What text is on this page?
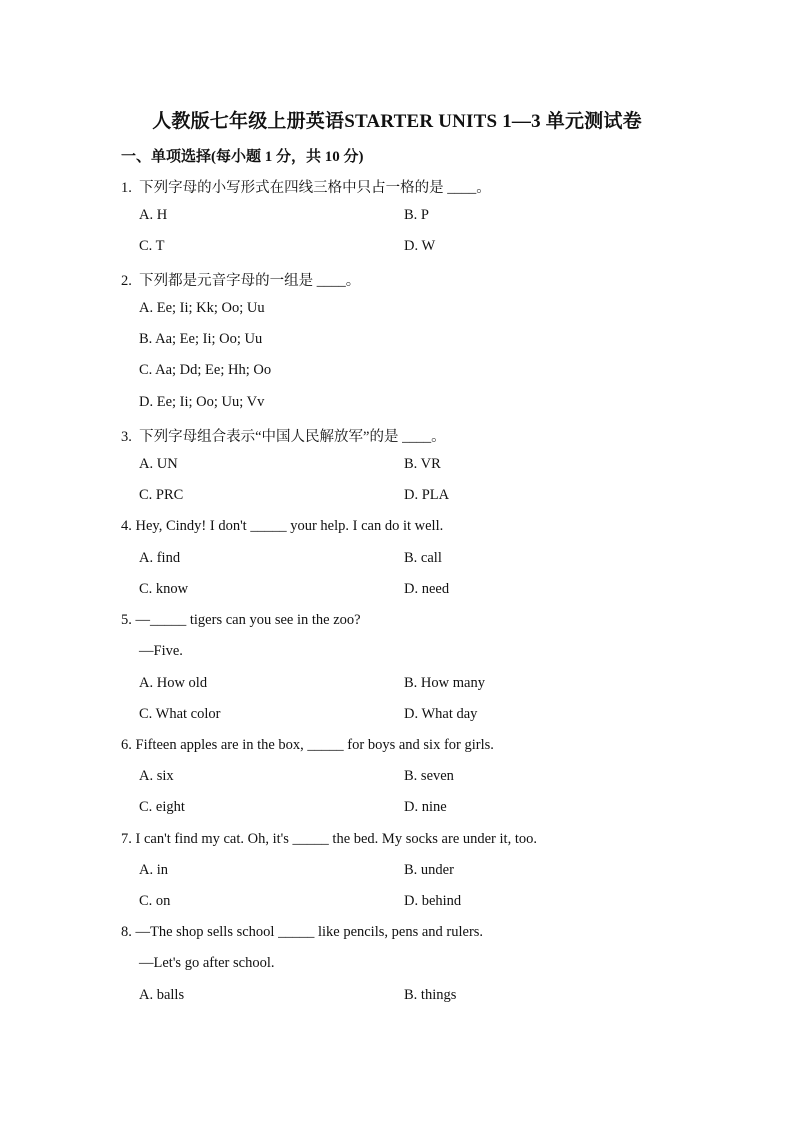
人教版七年级上册英语STARTER UNITS 1—3 单元测试卷
一、单项选择(每小题 1 分，共 10 分)
1.  下列字母的小写形式在四线三格中只占一格的是 ____。
A. H	B. P
C. T	D. W
2.  下列都是元音字母的一组是 ____。
A. Ee; Ii; Kk; Oo; Uu
B. Aa; Ee; Ii; Oo; Uu
C. Aa; Dd; Ee; Hh; Oo
D. Ee; Ii; Oo; Uu; Vv
3.  下列字母组合表示“中国人民解放军”的是 ____。
A. UN	B. VR
C. PRC	D. PLA
4. Hey, Cindy! I don't _____ your help. I can do it well.
A. find	B. call
C. know	D. need
5. —_____ tigers can you see in the zoo?
—Five.
A. How old	B. How many
C. What color	D. What day
6. Fifteen apples are in the box, _____ for boys and six for girls.
A. six	B. seven
C. eight	D. nine
7. I can't find my cat. Oh, it's _____ the bed. My socks are under it, too.
A. in	B. under
C. on	D. behind
8. —The shop sells school _____ like pencils, pens and rulers.
—Let's go after school.
A. balls	B. things
